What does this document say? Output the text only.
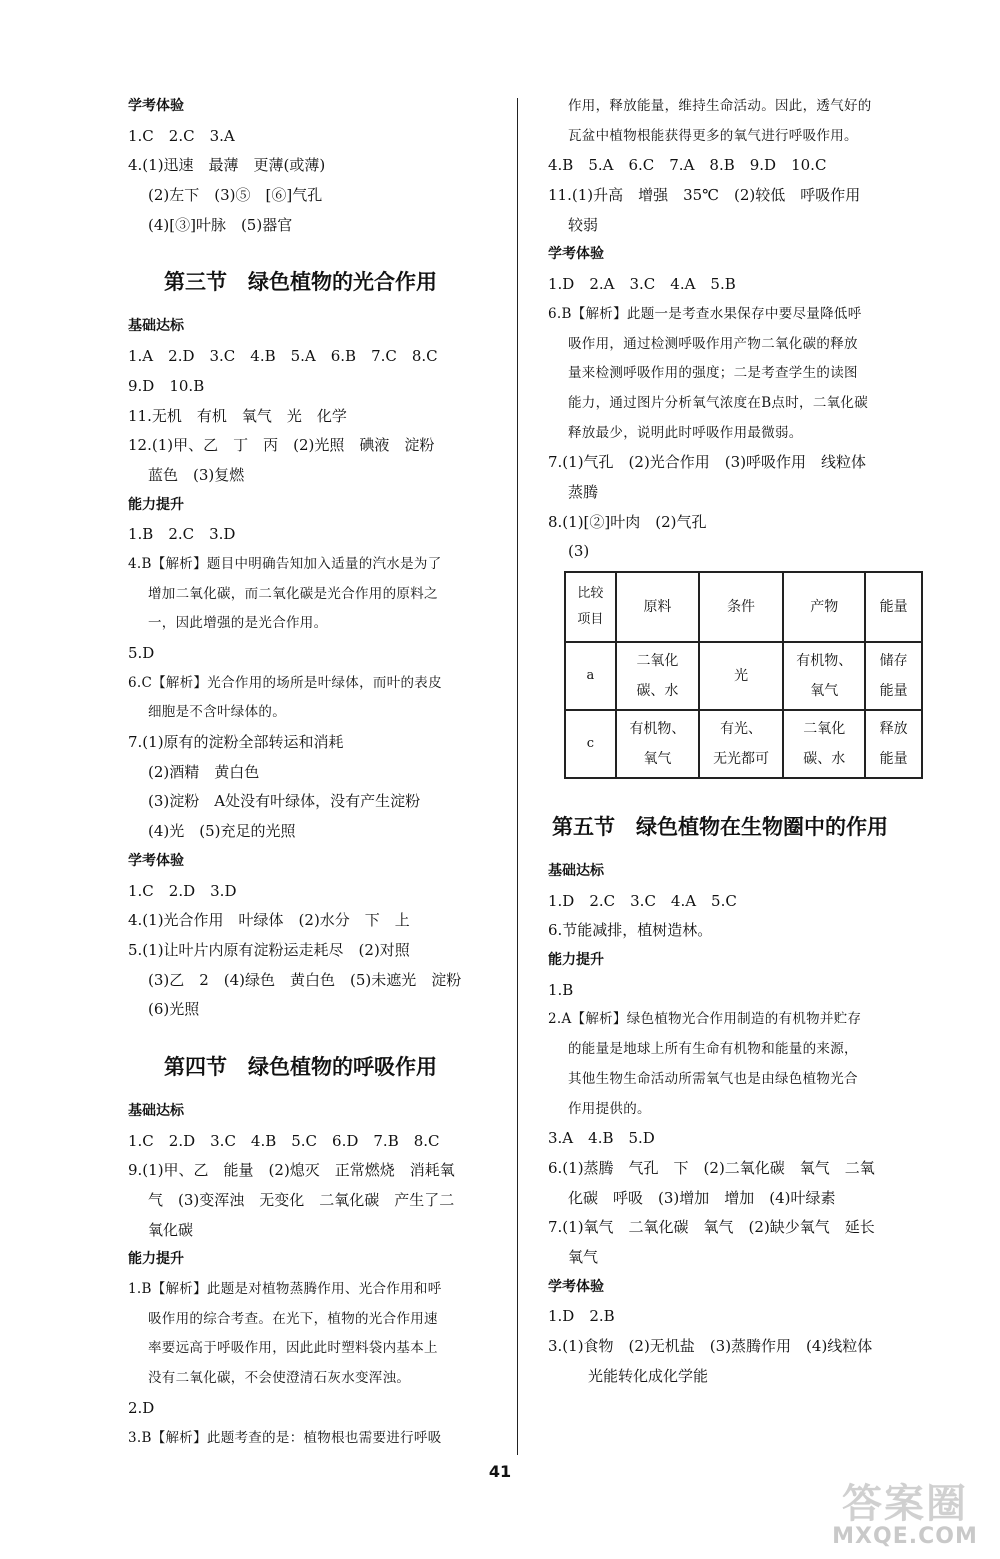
学考体验
1.C　2.C　3.A
4.(1)迅速　最薄　更薄(或薄)
(2)左下　(3)⑤　[⑥]气孔
(4)[③]叶脉　(5)器官
第三节　绿色植物的光合作用
基础达标
1.A　2.D　3.C　4.B　5.A　6.B　7.C　8.C
9.D　10.B
11.无机　有机　氧气　光　化学
12.(1)甲、乙　丁　丙　(2)光照　碘液　淀粉
蓝色　(3)复燃
能力提升
1.B　2.C　3.D
4.B【解析】题目中明确告知加入适量的汽水是为了
增加二氧化碳，而二氧化碳是光合作用的原料之
一，因此增强的是光合作用。
5.D
6.C【解析】光合作用的场所是叶绿体，而叶的表皮
细胞是不含叶绿体的。
7.(1)原有的淀粉全部转运和消耗
(2)酒精　黄白色
(3)淀粉　A处没有叶绿体，没有产生淀粉
(4)光　(5)充足的光照
学考体验
1.C　2.D　3.D
4.(1)光合作用　叶绿体　(2)水分　下　上
5.(1)让叶片内原有淀粉运走耗尽　(2)对照
(3)乙　2　(4)绿色　黄白色　(5)未遮光　淀粉
(6)光照
第四节　绿色植物的呼吸作用
基础达标
1.C　2.D　3.C　4.B　5.C　6.D　7.B　8.C
9.(1)甲、乙　能量　(2)熄灭　正常燃烧　消耗氧
气　(3)变浑浊　无变化　二氧化碳　产生了二
氧化碳
能力提升
1.B【解析】此题是对植物蒸腾作用、光合作用和呼
吸作用的综合考查。在光下，植物的光合作用速
率要远高于呼吸作用，因此此时塑料袋内基本上
没有二氧化碳，不会使澄清石灰水变浑浊。
2.D
3.B【解析】此题考查的是：植物根也需要进行呼吸
作用，释放能量，维持生命活动。因此，透气好的
瓦盆中植物根能获得更多的氧气进行呼吸作用。
4.B　5.A　6.C　7.A　8.B　9.D　10.C
11.(1)升高　增强　35℃　(2)较低　呼吸作用
较弱
学考体验
1.D　2.A　3.C　4.A　5.B
6.B【解析】此题一是考查水果保存中要尽量降低呼
吸作用，通过检测呼吸作用产物二氧化碳的释放
量来检测呼吸作用的强度；二是考查学生的读图
能力，通过图片分析氧气浓度在B点时，二氧化碳
释放最少，说明此时呼吸作用最微弱。
7.(1)气孔　(2)光合作用　(3)呼吸作用　线粒体
蒸腾
8.(1)[②]叶肉　(2)气孔
(3)
比较
项目	原料	条件	产物	能量
a	二氧化
碳、水	光	有机物、
氧气	储存
能量
c	有机物、
氧气	有光、
无光都可	二氧化
碳、水	释放
能量
第五节　绿色植物在生物圈中的作用
基础达标
1.D　2.C　3.C　4.A　5.C
6.节能减排，植树造林。
能力提升
1.B
2.A【解析】绿色植物光合作用制造的有机物并贮存
的能量是地球上所有生命有机物和能量的来源，
其他生物生命活动所需氧气也是由绿色植物光合
作用提供的。
3.A　4.B　5.D
6.(1)蒸腾　气孔　下　(2)二氧化碳　氧气　二氧
化碳　呼吸　(3)增加　增加　(4)叶绿素
7.(1)氧气　二氧化碳　氧气　(2)缺少氧气　延长
氧气
学考体验
1.D　2.B
3.(1)食物　(2)无机盐　(3)蒸腾作用　(4)线粒体
光能转化成化学能
41
答案圈
MXQE.COM
